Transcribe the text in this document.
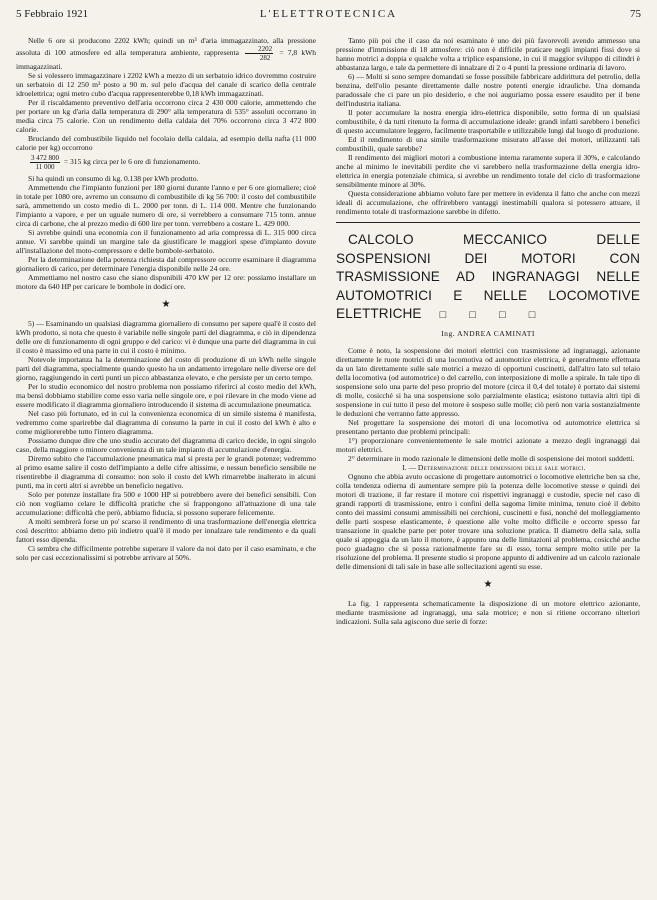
5 Febbraio 1921	L'ELETTROTECNICA	75

Nelle 6 ore si producono 2202 kWh; quindi un m³ d'aria immagazzinato, alla pressione assoluta di 100 atmosfere ed alla temperatura ambiente, rappresenta $\frac{2202}{282} = 7,8$ kWh immagazzinati.

Se si volessero immagazzinare i 2202 kWh a mezzo di un serbatoio idrico dovremmo costruire un serbatoio di 12 250 m³ posto a 90 m. sul pelo d'acqua del canale di scarico della centrale idroelettrica; ogni metro cubo d'acqua rappresenterebbe 0,18 kWh immagazzinati.

Per il riscaldamento preventivo dell'aria occorrono circa 2 430 000 calorie, ammettendo che per portare un kg d'aria dalla temperatura di 290° alla temperatura di 535° assoluti occorrano in media circa 75 calorie. Con un rendimento della caldaia del 70% occorrono circa 3 472 800 calorie.

Bruciando del combustibile liquido nel focolaio della caldaia, ad esempio della nafta (11 000 calorie per kg) occorrono

$\frac{3 472 800}{11 000} = 315$ kg circa per le 6 ore di funzionamento.

Si ha quindi un consumo di kg. 0.138 per kWh prodotto.

Ammettendo che l'impianto funzioni per 180 giorni durante l'anno e per 6 ore giornaliere; cioè in totale per 1080 ore, avremo un consumo di combustibile di kg 56 700: il costo del combustibile sarà, ammettendo un costo medio di L. 2000 per tonn. di L. 114 000. Mentre che funzionando l'impianto a vapore, e per un uguale numero di ore, si verrebbero a consumare 715 tonn. annue circa di carbone, che al prezzo medio di 600 lire per tonn. verrebbero a costare L. 429 000.

Si avrebbe quindi una economia con il funzionamento ad aria compressa di L. 315 000 circa annue. Vi sarebbe quindi un margine tale da giustificare le maggiori spese d'impianto dovute all'installazione del moto-compressore e delle bombole-serbatoio.

Per la determinazione della potenza richiesta dal compressore occorre esaminare il diagramma giornaliero di carico, per determinare l'energia disponibile nelle 24 ore.

Ammettiamo nel nostro caso che siano disponibili 470 kW per 12 ore: possiamo installare un motore da 640 HP per caricare le bombole in dodici ore.

★

5) — Esaminando un qualsiasi diagramma giornaliero di consumo per sapere qual'è il costo del kWh prodotto, si nota che questo è variabile nelle singole parti del diagramma, e ciò in dipendenza delle ore di funzionamento di ogni gruppo e del carico: vi è dunque una parte del diagramma in cui il costo è massimo ed una parte in cui il costo è minimo.

Notevole importanza ha la determinazione del costo di produzione di un kWh nelle singole parti del diagramma, specialmente quando questo ha un andamento irregolare nelle diverse ore del giorno, raggiungendo in certi punti un picco abbastanza elevato, e che persiste per un certo tempo.

Per lo studio economico del nostro problema non possiamo riferirci al costo medio del kWh, ma bensì dobbiamo stabilire come esso varia nelle singole ore, e poi rilevare in che modo viene ad essere modificato il diagramma giornaliero introducendo il sistema di accumulazione pneumatica.

Nel caso più fortunato, ed in cui la convenienza economica di un simile sistema è manifesta, vedremmo come sparirebbe dal diagramma di consumo la parte in cui il costo del kWh è alto e come migliorerebbe tutto l'intero diagramma.

Possiamo dunque dire che uno studio accurato del diagramma di carico decide, in ogni singolo caso, della maggiore o minore convenienza di un tale impianto di accumulazione d'energia.

Diremo subito che l'accumulazione pneumatica mal si presta per le grandi potenze; vedremmo al primo esame salire il costo dell'impianto a delle cifre altissime, e nessun beneficio sensibile ne risentirebbe il diagramma di consumo: non solo il costo del kWh rimarrebbe inalterato in alcuni punti, ma in certi altri si avrebbe un beneficio negativo.

Solo per potenze installate fra 500 e 1000 HP si potrebbero avere dei benefici sensibili. Con ciò non vogliamo celare le difficoltà pratiche che si frappongono all'attuazione di una tale accumulazione: difficoltà che però, abbiamo fiducia, si possono superare felicemente.

A molti sembrerà forse un po' scarso il rendimento di una trasformazione dell'energia elettrica così descritto: abbiamo detto più indietro qual'è il modo per innalzare tale rendimento e da quali fattori esso dipenda.

Ci sembra che difficilmente potrebbe superare il valore da noi dato per il caso esaminato, e che solo per casi eccezionalissimi si potrebbe arrivare al 50%.

Tanto più poi che il caso da noi esaminato è uno dei più favorevoli avendo ammesso una pressione d'immissione di 18 atmosfere: ciò non è difficile praticare negli impianti fissi dove si hanno motrici a doppia e qualche volta a triplice espansione, in cui il maggior sviluppo di cilindri è abbastanza largo, e tale da permettere di innalzare di 2 o 4 punti la pressione ordinaria di lavoro.

6) — Molti si sono sempre domandati se fosse possibile fabbricare addirittura del petrolio, della benzina, dell'olio pesante direttamente dalle nostre potenti energie idrauliche. Una domanda paradossale che ci pare un pio desiderio, e che noi auguriamo possa essere esaudito per il bene dell'industria italiana.

Il poter accumulare la nostra energia idro-elettrica disponibile, sotto forma di un qualsiasi combustibile, è da tutti ritenuto la forma di accumulazione ideale: grandi infatti sarebbero i benefici di questo accumulatore leggero, facilmente trasportabile e utilizzabile lungi dal luogo di produzione.

Ed il rendimento di una simile trasformazione misurato all'asse dei motori, utilizzanti tali combustibili, quale sarebbe?

Il rendimento dei migliori motori a combustione interna raramente supera il 30%, e calcolando anche al minimo le inevitabili perdite che vi sarebbero nella trasformazione della energia idro-elettrica in energia potenziale chimica, si avrebbe un rendimento totale del ciclo di trasformazione sensibilmente minore al 30%.

Questa considerazione abbiamo voluto fare per mettere in evidenza il fatto che anche con mezzi ideali di accumulazione, che offrirebbero vantaggi inestimabili qualora si potessero attuare, il rendimento totale di trasformazione sarebbe in difetto.

CALCOLO MECCANICO DELLE SOSPENSIONI DEI MOTORI CON TRASMISSIONE AD INGRANAGGI NELLE AUTOMOTRICI E NELLE LOCOMOTIVE ELETTRICHE □ □ □ □

Ing. ANDREA CAMINATI

Come è noto, la sospensione dei motori elettrici con trasmissione ad ingranaggi, azionante direttamente le ruote motrici di una locomotiva od automotrice elettrica, è generalmente effettuata da un lato direttamente sulle sale motrici a mezzo di opportuni cuscinetti, dall'altro lato sul telaio della locomotiva (od automotrice) o del carrello, con interposizione di molle a spirale. In tale tipo di sospensione solo una parte del peso proprio del motore (circa il 0,4 del totale) è portato dai sistemi di molle, cosicché si ha una sospensione solo parzialmente elastica; esistono tuttavia altri tipi di sospensione in cui tutto il peso del motore è sospeso sulle molle; ciò però non varia sostanzialmente le deduzioni che verranno fatte appresso.

Nel progettare la sospensione dei motori di una locomotiva od automotrice elettrica si presentano pertanto due problemi principali:

1°) proporzionare convenientemente le sale motrici azionate a mezzo degli ingranaggi dai motori elettrici.

2° determinare in modo razionale le dimensioni delle molle di sospensione dei motori suddetti.

I. — Determinazione delle dimensioni delle sale motrici.

Ognuno che abbia avuto occasione di progettare automotrici o locomotive elettriche ben sa che, colla tendenza odierna di aumentare sempre più la potenza delle locomotive stesse e quindi dei motori di trazione, il far restare il motore coi rispettivi ingranaggi e custodie, specie nel caso di grandi rapporti di trasmissione, entro i confini della sagoma limite minima, tenuto cioè il debito conto dei massimi consumi ammissibili nei cerchioni, cuscinetti e fusi, nonché del molleggiamento delle parti sospese elasticamente, è questione alle volte molto difficile e occorre spesso far transazione in qualche parte per poter trovare una soluzione pratica. Il diametro della sala, sulla quale si appoggia da un lato il motore, è appunto una delle limitazioni al problema, cosicché anche poco guadagno che si possa razionalmente fare su di esso, torna sempre molto utile per la risoluzione del problema. Il presente studio si propone appunto di addivenire ad un calcolo razionale delle dimensioni di tali sale in base alle sollecitazioni agenti su esse.

★

La fig. 1 rappresenta schematicamente la disposizione di un motore elettrico azionante, mediante trasmissione ad ingranaggi, una sala motrice; e non si ritiene occorrano ulteriori indicazioni. Sulla sala agiscono due serie di forze:
